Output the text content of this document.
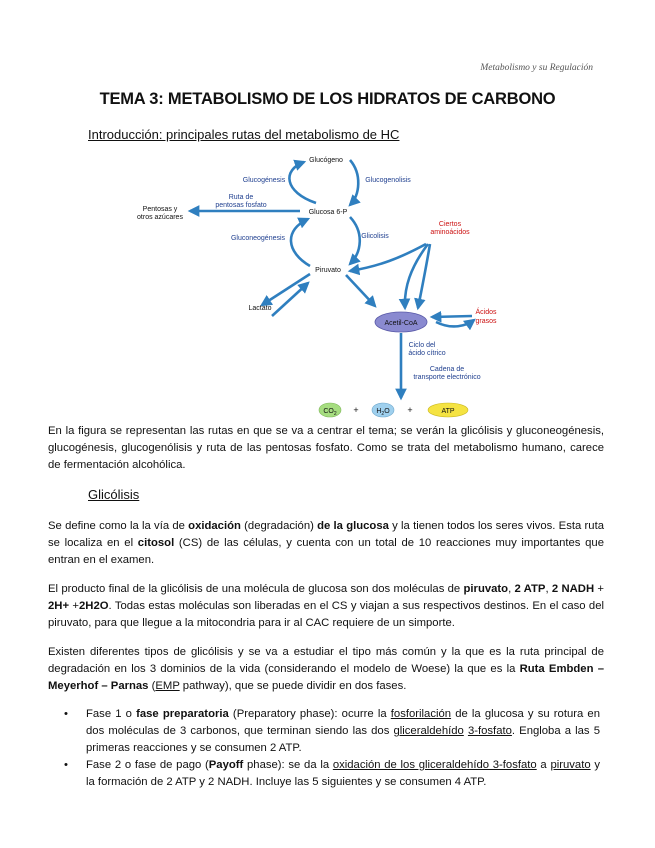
Metabolismo y su Regulación
TEMA 3: METABOLISMO DE LOS HIDRATOS DE CARBONO
Introducción: principales rutas del metabolismo de HC
Glucógeno
Glucosa 6-P
Piruvato
Lactato
Pentosas y
otros azúcares
Glucogénesis	Glucogenolisis
Ruta de
pentosas fosfato
Gluconeogénesis	Glicolisis
Ciclo del
ácido cítrico
Cadena de
transporte electrónico
Ciertos
aminoácidos
Ácidos
grasos
Acetil-CoA
$CO_2$ +	$H_2O$ +	ATP

En la figura se representan las rutas en que se va a centrar el tema; se verán la glicólisis y gluconeogénesis, glucogénesis, glucogenólisis y ruta de las pentosas fosfato. Como se trata del metabolismo humano, carece de fermentación alcohólica.

Glicólisis

Se define como la la vía de oxidación (degradación) de la glucosa y la tienen todos los seres vivos. Esta ruta se localiza en el citosol (CS) de las células, y cuenta con un total de 10 reacciones muy importantes que entran en el examen.

El producto final de la glicólisis de una molécula de glucosa son dos moléculas de piruvato, 2 ATP, 2 NADH + 2H+ +2H2O. Todas estas moléculas son liberadas en el CS y viajan a sus respectivos destinos. En el caso del piruvato, para que llegue a la mitocondria para ir al CAC requiere de un simporte.

Existen diferentes tipos de glicólisis y se va a estudiar el tipo más común y la que es la ruta principal de degradación en los 3 dominios de la vida (considerando el modelo de Woese) la que es la Ruta Embden –Meyerhof – Parnas (EMP pathway), que se puede dividir en dos fases.

• Fase 1 o fase preparatoria (Preparatory phase): ocurre la fosforilación de la glucosa y su rotura en dos moléculas de 3 carbonos, que terminan siendo las dos gliceraldehído 3-fosfato. Engloba a las 5 primeras reacciones y se consumen 2 ATP.
• Fase 2 o fase de pago (Payoff phase): se da la oxidación de los gliceraldehído 3-fosfato a piruvato y la formación de 2 ATP y 2 NADH. Incluye las 5 siguientes y se consumen 4 ATP.
